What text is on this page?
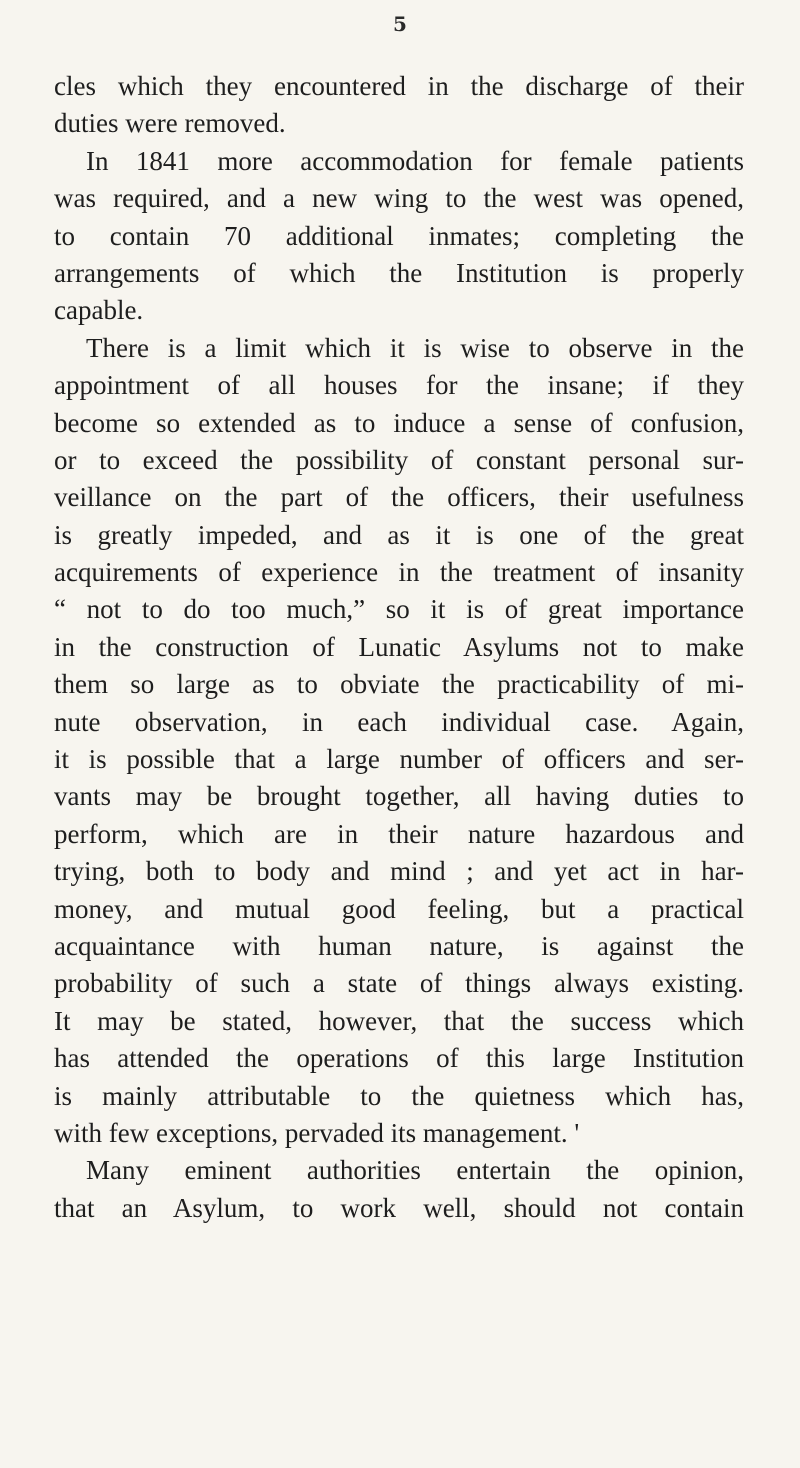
5
cles which they encountered in the discharge of their
duties were removed.
In 1841 more accommodation for female patients
was required, and a new wing to the west was opened,
to contain 70 additional inmates; completing the
arrangements of which the Institution is properly
capable.
There is a limit which it is wise to observe in the
appointment of all houses for the insane; if they
become so extended as to induce a sense of confusion,
or to exceed the possibility of constant personal sur-
veillance on the part of the officers, their usefulness
is greatly impeded, and as it is one of the great
acquirements of experience in the treatment of insanity
“ not to do too much,” so it is of great importance
in the construction of Lunatic Asylums not to make
them so large as to obviate the practicability of mi-
nute observation, in each individual case. Again,
it is possible that a large number of officers and ser-
vants may be brought together, all having duties to
perform, which are in their nature hazardous and
trying, both to body and mind ; and yet act in har-
money, and mutual good feeling, but a practical
acquaintance with human nature, is against the
probability of such a state of things always existing.
It may be stated, however, that the success which
has attended the operations of this large Institution
is mainly attributable to the quietness which has,
with few exceptions, pervaded its management. '
Many eminent authorities entertain the opinion,
that an Asylum, to work well, should not contain
